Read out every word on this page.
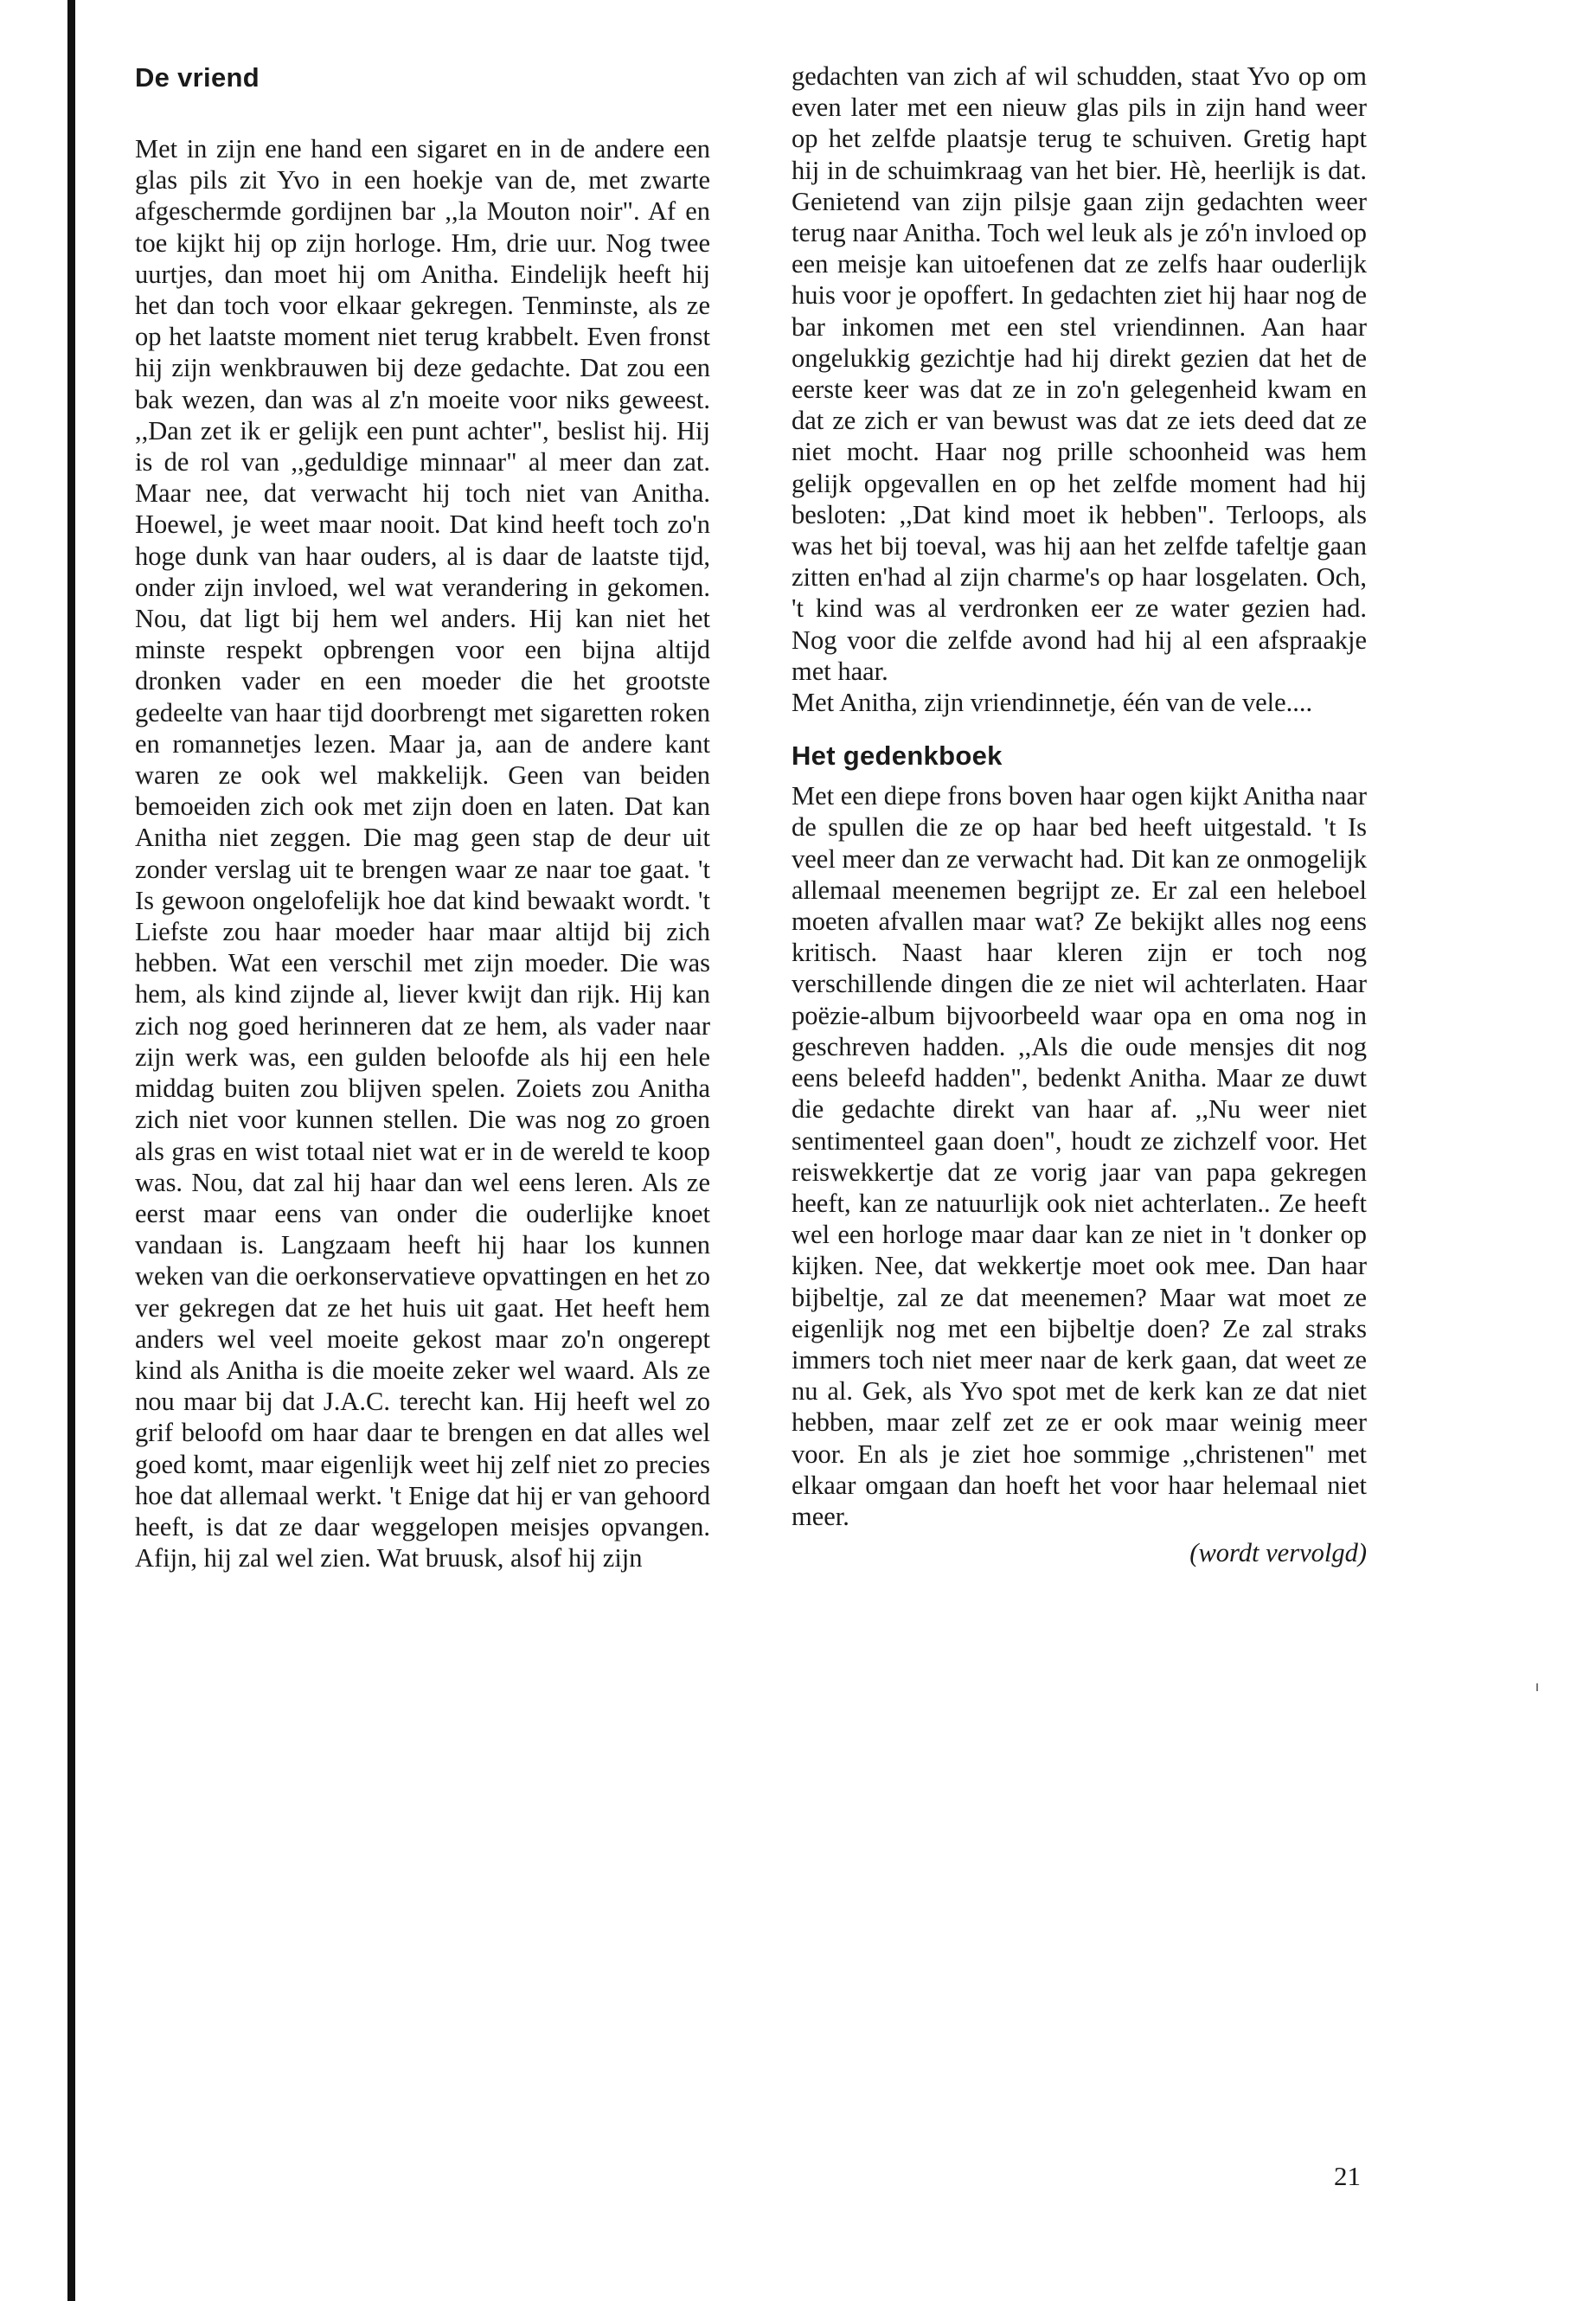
De vriend

Met in zijn ene hand een sigaret en in de andere een glas pils zit Yvo in een hoekje van de, met zwarte afgeschermde gordijnen bar ,,la Mouton noir". Af en toe kijkt hij op zijn horloge. Hm, drie uur. Nog twee uurtjes, dan moet hij om Anitha. Eindelijk heeft hij het dan toch voor elkaar gekregen. Tenminste, als ze op het laatste moment niet terug krabbelt. Even fronst hij zijn wenkbrauwen bij deze gedachte. Dat zou een bak wezen, dan was al z'n moeite voor niks geweest. ,,Dan zet ik er gelijk een punt achter", beslist hij. Hij is de rol van ,,geduldige minnaar" al meer dan zat. Maar nee, dat verwacht hij toch niet van Anitha. Hoewel, je weet maar nooit. Dat kind heeft toch zo'n hoge dunk van haar ouders, al is daar de laatste tijd, onder zijn invloed, wel wat verandering in gekomen. Nou, dat ligt bij hem wel anders. Hij kan niet het minste respekt opbrengen voor een bijna altijd dronken vader en een moeder die het grootste gedeelte van haar tijd doorbrengt met sigaretten roken en romannetjes lezen. Maar ja, aan de andere kant waren ze ook wel makkelijk. Geen van beiden bemoeiden zich ook met zijn doen en laten. Dat kan Anitha niet zeggen. Die mag geen stap de deur uit zonder verslag uit te brengen waar ze naar toe gaat. 't Is gewoon ongelofelijk hoe dat kind bewaakt wordt. 't Liefste zou haar moeder haar maar altijd bij zich hebben. Wat een verschil met zijn moeder. Die was hem, als kind zijnde al, liever kwijt dan rijk. Hij kan zich nog goed herinneren dat ze hem, als vader naar zijn werk was, een gulden beloofde als hij een hele middag buiten zou blijven spelen. Zoiets zou Anitha zich niet voor kunnen stellen. Die was nog zo groen als gras en wist totaal niet wat er in de wereld te koop was. Nou, dat zal hij haar dan wel eens leren. Als ze eerst maar eens van onder die ouderlijke knoet vandaan is. Langzaam heeft hij haar los kunnen weken van die oerkonservatieve opvattingen en het zo ver gekregen dat ze het huis uit gaat. Het heeft hem anders wel veel moeite gekost maar zo'n ongerept kind als Anitha is die moeite zeker wel waard. Als ze nou maar bij dat J.A.C. terecht kan. Hij heeft wel zo grif beloofd om haar daar te brengen en dat alles wel goed komt, maar eigenlijk weet hij zelf niet zo precies hoe dat allemaal werkt. 't Enige dat hij er van gehoord heeft, is dat ze daar weggelopen meisjes opvangen. Afijn, hij zal wel zien. Wat bruusk, alsof hij zijn

gedachten van zich af wil schudden, staat Yvo op om even later met een nieuw glas pils in zijn hand weer op het zelfde plaatsje terug te schuiven. Gretig hapt hij in de schuimkraag van het bier. Hè, heerlijk is dat. Genietend van zijn pilsje gaan zijn gedachten weer terug naar Anitha. Toch wel leuk als je zó'n invloed op een meisje kan uitoefenen dat ze zelfs haar ouderlijk huis voor je opoffert. In gedachten ziet hij haar nog de bar inkomen met een stel vriendinnen. Aan haar ongelukkig gezichtje had hij direkt gezien dat het de eerste keer was dat ze in zo'n gelegenheid kwam en dat ze zich er van bewust was dat ze iets deed dat ze niet mocht. Haar nog prille schoonheid was hem gelijk opgevallen en op het zelfde moment had hij besloten: ,,Dat kind moet ik hebben". Terloops, als was het bij toeval, was hij aan het zelfde tafeltje gaan zitten en'had al zijn charme's op haar losgelaten. Och, 't kind was al verdronken eer ze water gezien had. Nog voor die zelfde avond had hij al een afspraakje met haar.

Met Anitha, zijn vriendinnetje, één van de vele....

Het gedenkboek

Met een diepe frons boven haar ogen kijkt Anitha naar de spullen die ze op haar bed heeft uitgestald. 't Is veel meer dan ze verwacht had. Dit kan ze onmogelijk allemaal meenemen begrijpt ze. Er zal een heleboel moeten afvallen maar wat? Ze bekijkt alles nog eens kritisch. Naast haar kleren zijn er toch nog verschillende dingen die ze niet wil achterlaten. Haar poëzie-album bijvoorbeeld waar opa en oma nog in geschreven hadden. ,,Als die oude mensjes dit nog eens beleefd hadden", bedenkt Anitha. Maar ze duwt die gedachte direkt van haar af. ,,Nu weer niet sentimenteel gaan doen", houdt ze zichzelf voor. Het reiswekkertje dat ze vorig jaar van papa gekregen heeft, kan ze natuurlijk ook niet achterlaten.. Ze heeft wel een horloge maar daar kan ze niet in 't donker op kijken. Nee, dat wekkertje moet ook mee. Dan haar bijbeltje, zal ze dat meenemen? Maar wat moet ze eigenlijk nog met een bijbeltje doen? Ze zal straks immers toch niet meer naar de kerk gaan, dat weet ze nu al. Gek, als Yvo spot met de kerk kan ze dat niet hebben, maar zelf zet ze er ook maar weinig meer voor. En als je ziet hoe sommige ,,christenen" met elkaar omgaan dan hoeft het voor haar helemaal niet meer.

(wordt vervolgd)

21
